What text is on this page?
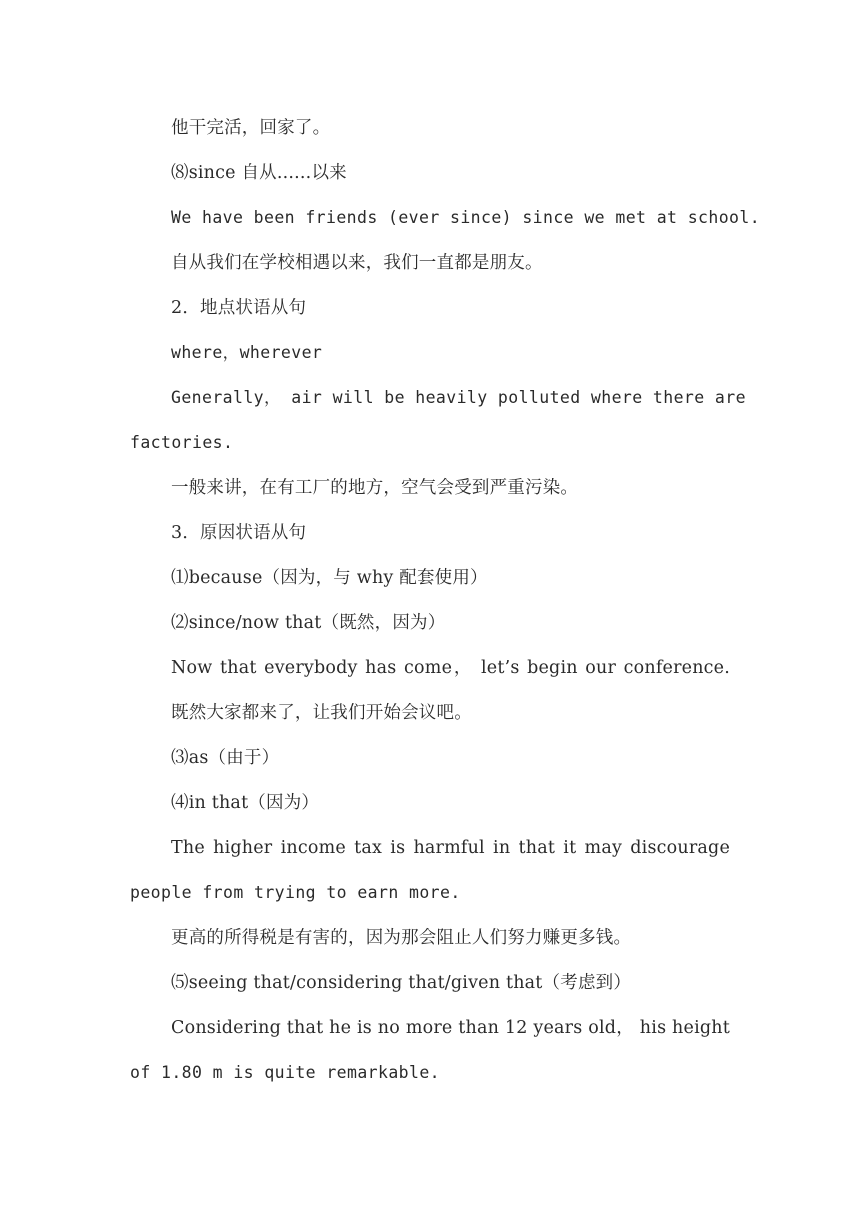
他干完活，回家了。
⑻since 自从......以来
We have been friends (ever since) since we met at school.
自从我们在学校相遇以来，我们一直都是朋友。
2．地点状语从句
where，wherever
Generally， air will be heavily polluted where there are
factories.
一般来讲，在有工厂的地方，空气会受到严重污染。
3．原因状语从句
⑴because（因为，与 why 配套使用）
⑵since/now that（既然，因为）
Now that everybody has come， let’s begin our conference.
既然大家都来了，让我们开始会议吧。
⑶as（由于）
⑷in that（因为）
The higher income tax is harmful in that it may discourage
people from trying to earn more.
更高的所得税是有害的，因为那会阻止人们努力赚更多钱。
⑸seeing that/considering that/given that（考虑到）
Considering that he is no more than 12 years old， his height
of 1.80 m is quite remarkable.
